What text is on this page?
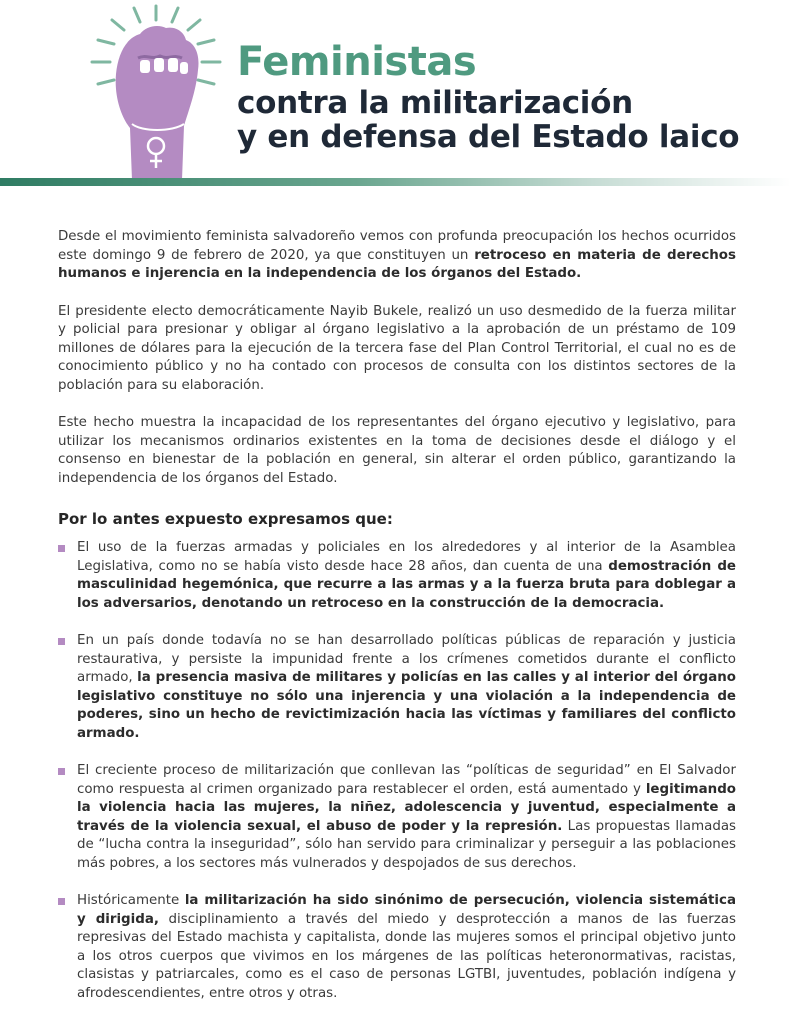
Feministas
contra la militarización
y en defensa del Estado laico

Desde el movimiento feminista salvadoreño vemos con profunda preocupación los hechos ocurridos este domingo 9 de febrero de 2020, ya que constituyen un retroceso en materia de derechos humanos e injerencia en la independencia de los órganos del Estado.

El presidente electo democráticamente Nayib Bukele, realizó un uso desmedido de la fuerza militar y policial para presionar y obligar al órgano legislativo a la aprobación de un préstamo de 109 millones de dólares para la ejecución de la tercera fase del Plan Control Territorial, el cual no es de conocimiento público y no ha contado con procesos de consulta con los distintos sectores de la población para su elaboración.

Este hecho muestra la incapacidad de los representantes del órgano ejecutivo y legislativo, para utilizar los mecanismos ordinarios existentes en la toma de decisiones desde el diálogo y el consenso en bienestar de la población en general, sin alterar el orden público, garantizando la independencia de los órganos del Estado.

Por lo antes expuesto expresamos que:
El uso de la fuerzas armadas y policiales en los alrededores y al interior de la Asamblea Legislativa, como no se había visto desde hace 28 años, dan cuenta de una demostración de masculinidad hegemónica, que recurre a las armas y a la fuerza bruta para doblegar a los adversarios, denotando un retroceso en la construcción de la democracia.
En un país donde todavía no se han desarrollado políticas públicas de reparación y justicia restaurativa, y persiste la impunidad frente a los crímenes cometidos durante el conflicto armado, la presencia masiva de militares y policías en las calles y al interior del órgano legislativo constituye no sólo una injerencia y una violación a la independencia de poderes, sino un hecho de revictimización hacia las víctimas y familiares del conflicto armado.
El creciente proceso de militarización que conllevan las “políticas de seguridad” en El Salvador como respuesta al crimen organizado para restablecer el orden, está aumentado y legitimando la violencia hacia las mujeres, la niñez, adolescencia y juventud, especialmente a través de la violencia sexual, el abuso de poder y la represión. Las propuestas llamadas de “lucha contra la inseguridad”, sólo han servido para criminalizar y perseguir a las poblaciones más pobres, a los sectores más vulnerados y despojados de sus derechos.
Históricamente la militarización ha sido sinónimo de persecución, violencia sistemática y dirigida, disciplinamiento a través del miedo y desprotección a manos de las fuerzas represivas del Estado machista y capitalista, donde las mujeres somos el principal objetivo junto a los otros cuerpos que vivimos en los márgenes de las políticas heteronormativas, racistas, clasistas y patriarcales, como es el caso de personas LGTBI, juventudes, población indígena y afrodescendientes, entre otros y otras.
